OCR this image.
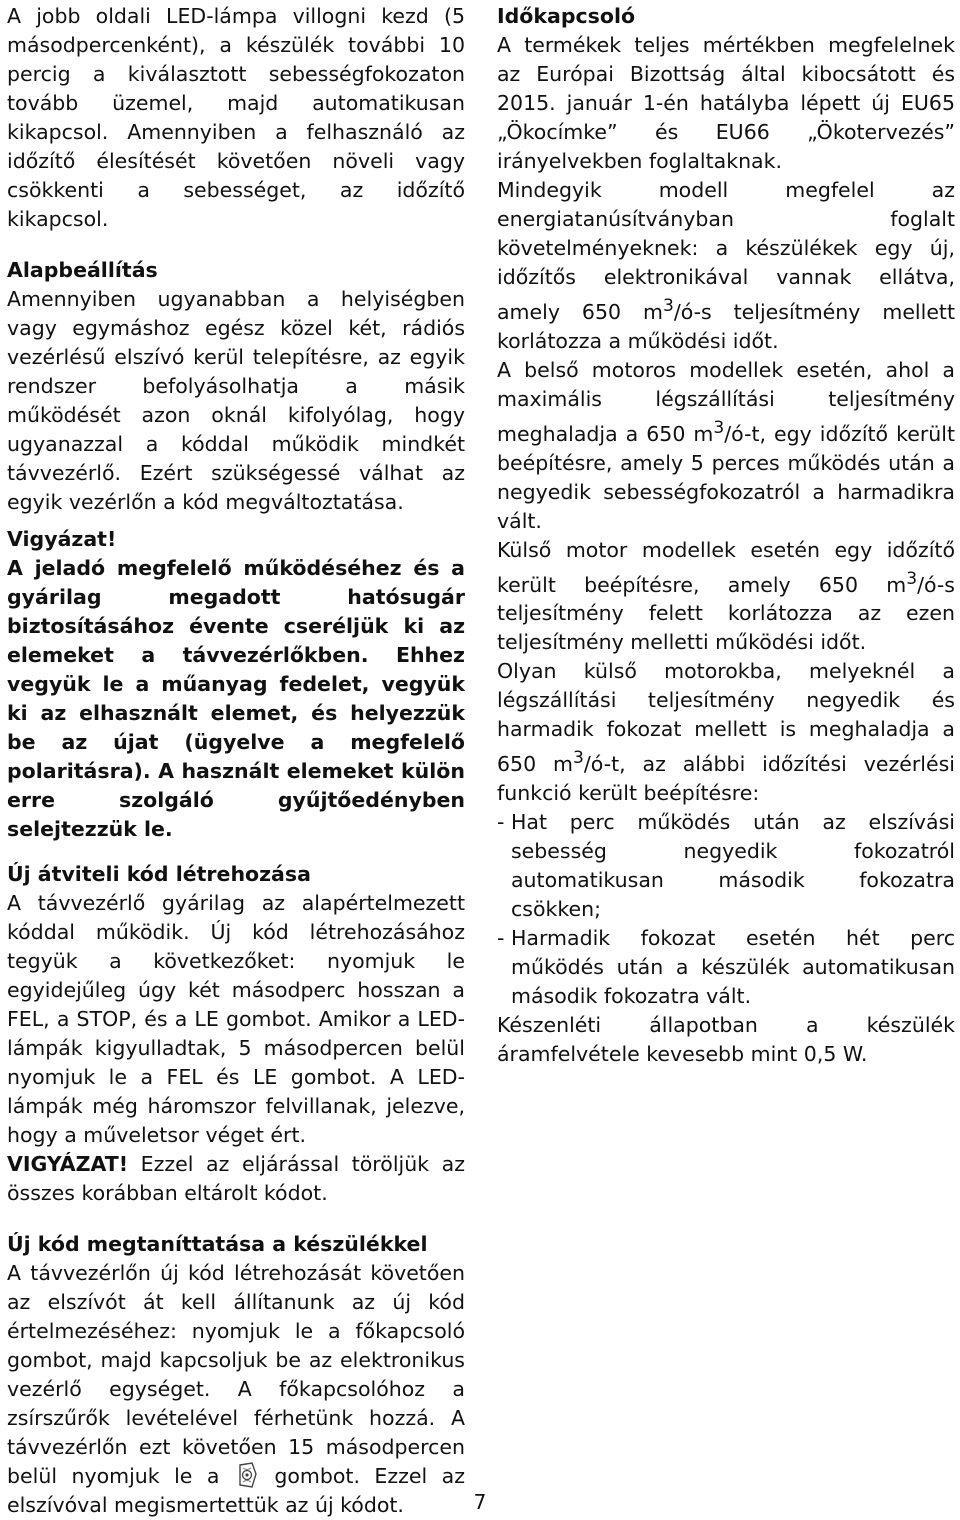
A jobb oldali LED-lámpa villogni kezd (5 másodpercenként), a készülék további 10 percig a kiválasztott sebességfokozaton tovább üzemel, majd automatikusan kikapcsol. Amennyiben a felhasználó az időzítő élesítését követően növeli vagy csökkenti a sebességet, az időzítő kikapcsol.

Alapbeállítás

Amennyiben ugyanabban a helyiségben vagy egymáshoz egész közel két, rádiós vezérlésű elszívó kerül telepítésre, az egyik rendszer befolyásolhatja a másik működését azon oknál kifolyólag, hogy ugyanazzal a kóddal működik mindkét távvezérlő. Ezért szükségessé válhat az egyik vezérlőn a kód megváltoztatása.

Vigyázat!

A jeladó megfelelő működéséhez és a gyárilag megadott hatósugár biztosításához évente cseréljük ki az elemeket a távvezérlőkben. Ehhez vegyük le a műanyag fedelet, vegyük ki az elhasznált elemet, és helyezzük be az újat (ügyelve a megfelelő polaritásra). A használt elemeket külön erre szolgáló gyűjtőedényben selejtezzük le.

Új átviteli kód létrehozása

A távvezérlő gyárilag az alapértelmezett kóddal működik. Új kód létrehozásához tegyük a következőket: nyomjuk le egyidejűleg úgy két másodperc hosszan a FEL, a STOP, és a LE gombot. Amikor a LED-lámpák kigyulladtak, 5 másodpercen belül nyomjuk le a FEL és LE gombot. A LED-lámpák még háromszor felvillanak, jelezve, hogy a műveletsor véget ért.

VIGYÁZAT! Ezzel az eljárással töröljük az összes korábban eltárolt kódot.

Új kód megtaníttatása a készülékkel

A távvezérlőn új kód létrehozását követően az elszívót át kell állítanunk az új kód értelmezéséhez: nyomjuk le a főkapcsoló gombot, majd kapcsoljuk be az elektronikus vezérlő egységet. A főkapcsolóhoz a zsírszűrők levételével férhetünk hozzá. A távvezérlőn ezt követően 15 másodpercen belül nyomjuk le a	gombot. Ezzel az elszívóval megismertettük az új kódot.

Időkapcsoló

A termékek teljes mértékben megfelelnek az Európai Bizottság által kibocsátott és 2015. január 1-én hatályba lépett új EU65 „Ökocímke” és EU66 „Ökotervezés” irányelvekben foglaltaknak.

Mindegyik modell megfelel az energiatanúsítványban foglalt követelményeknek: a készülékek egy új, időzítős elektronikával vannak ellátva, amely 650 $m^3/ó-s$ teljesítmény mellett korlátozza a működési időt.

A belső motoros modellek esetén, ahol a maximális légszállítási teljesítmény meghaladja a 650 $m^3/ó-t$, egy időzítő került beépítésre, amely 5 perces működés után a negyedik sebességfokozatról a harmadikra vált.

Külső motor modellek esetén egy időzítő került beépítésre, amely 650 $m^3/ó-s$ teljesítmény felett korlátozza az ezen teljesítmény melletti működési időt.

Olyan külső motorokba, melyeknél a légszállítási teljesítmény negyedik és harmadik fokozat mellett is meghaladja a 650 $m^3/ó-t$, az alábbi időzítési vezérlési funkció került beépítésre:

- Hat perc működés után az elszívási sebesség negyedik fokozatról automatikusan második fokozatra csökken;
- Harmadik fokozat esetén hét perc működés után a készülék automatikusan második fokozatra vált.

Készenléti állapotban a készülék áramfelvétele kevesebb mint 0,5 W.

7
